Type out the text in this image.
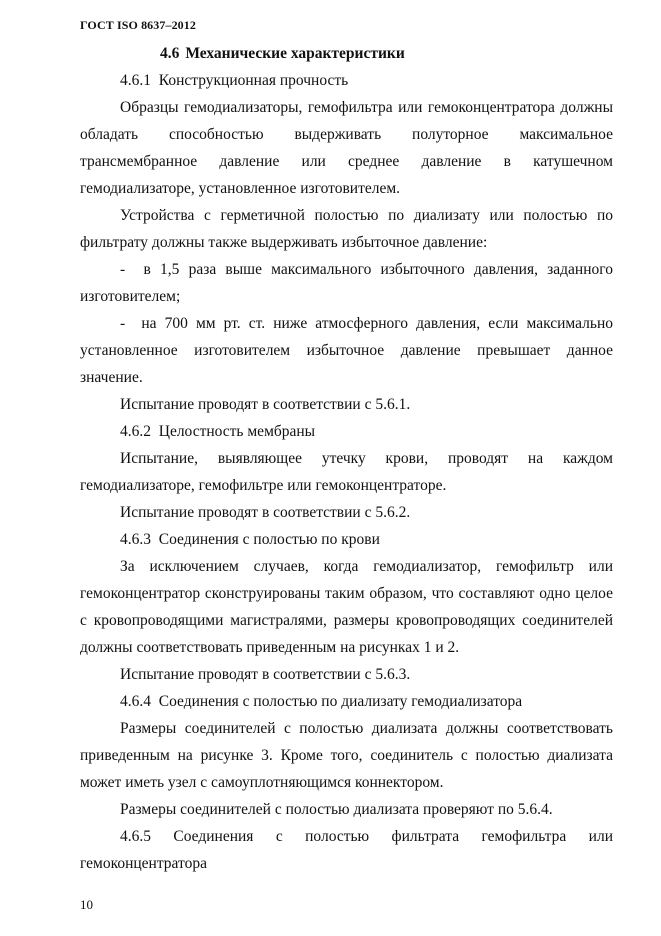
ГОСТ ISO 8637–2012

4.6 Механические характеристики

4.6.1  Конструкционная прочность

Образцы гемодиализаторы, гемофильтра или гемоконцентратора должны обладать способностью выдерживать полуторное максимальное трансмембранное давление или среднее давление в катушечном гемодиализаторе, установленное изготовителем.

Устройства с герметичной полостью по диализату или полостью по фильтрату должны также выдерживать избыточное давление:

-  в 1,5 раза выше максимального избыточного давления, заданного изготовителем;

-  на 700 мм рт. ст. ниже атмосферного давления, если максимально установленное изготовителем избыточное давление превышает данное значение.

Испытание проводят в соответствии с 5.6.1.

4.6.2  Целостность мембраны

Испытание, выявляющее утечку крови, проводят на каждом гемодиализаторе, гемофильтре или гемоконцентраторе.

Испытание проводят в соответствии с 5.6.2.

4.6.3  Соединения с полостью по крови

За исключением случаев, когда гемодиализатор, гемофильтр или гемоконцентратор сконструированы таким образом, что составляют одно целое с кровопроводящими магистралями, размеры кровопроводящих соединителей должны соответствовать приведенным на рисунках 1 и 2.

Испытание проводят в соответствии с 5.6.3.

4.6.4  Соединения с полостью по диализату гемодиализатора

Размеры соединителей с полостью диализата должны соответствовать приведенным на рисунке 3. Кроме того, соединитель с полостью диализата может иметь узел с самоуплотняющимся коннектором.

Размеры соединителей с полостью диализата проверяют по 5.6.4.

4.6.5 Соединения с полостью фильтрата гемофильтра или гемоконцентратора

10
